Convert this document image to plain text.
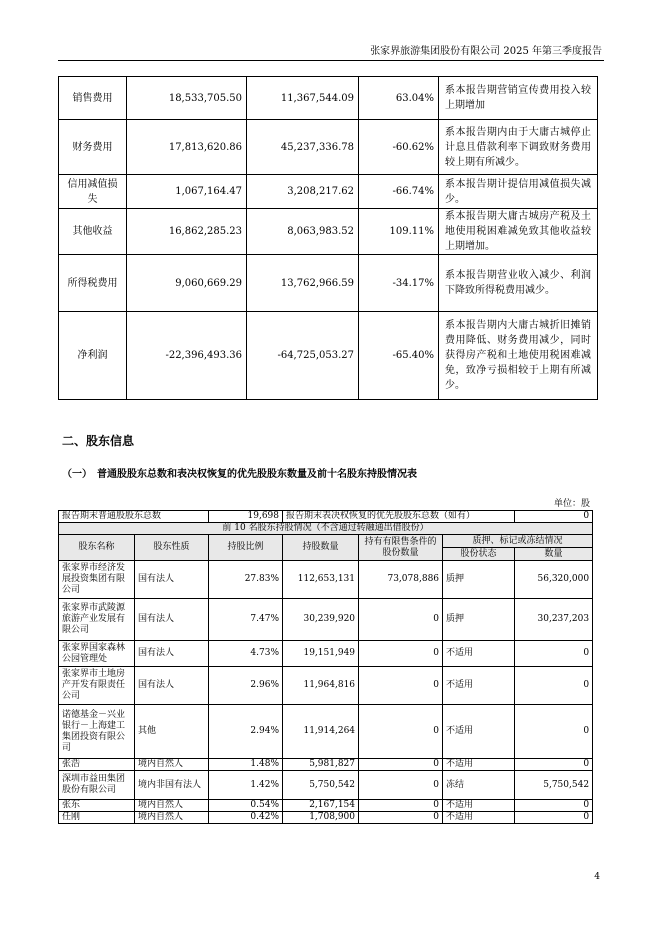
张家界旅游集团股份有限公司 2025 年第三季度报告
销售费用	18,533,705.50	11,367,544.09	63.04%	系本报告期营销宣传费用投入较上期增加
财务费用	17,813,620.86	45,237,336.78	-60.62%	系本报告期内由于大庸古城停止计息且借款利率下调致财务费用较上期有所减少。
信用减值损失	1,067,164.47	3,208,217.62	-66.74%	系本报告期计提信用减值损失减少。
其他收益	16,862,285.23	8,063,983.52	109.11%	系本报告期大庸古城房产税及土地使用税困难减免致其他收益较上期增加。
所得税费用	9,060,669.29	13,762,966.59	-34.17%	系本报告期营业收入减少、利润下降致所得税费用减少。
净利润	-22,396,493.36	-64,725,053.27	-65.40%	系本报告期内大庸古城折旧摊销费用降低、财务费用减少，同时获得房产税和土地使用税困难减免，致净亏损相较于上期有所减少。
二、股东信息
（一）　普通股股东总数和表决权恢复的优先股股东数量及前十名股东持股情况表
单位：股
报告期末普通股股东总数		19,698	报告期末表决权恢复的优先股股东总数（如有）			0
前 10 名股东持股情况（不含通过转融通出借股份）						
股东名称	股东性质	持股比例	持股数量	持有有限售条件的股份数量	质押、标记或冻结情况	
					股份状态	数量
张家界市经济发展投资集团有限公司	国有法人	27.83%	112,653,131	73,078,886	质押	56,320,000
张家界市武陵源旅游产业发展有限公司	国有法人	7.47%	30,239,920	0	质押	30,237,203
张家界国家森林公园管理处	国有法人	4.73%	19,151,949	0	不适用	0
张家界市土地房产开发有限责任公司	国有法人	2.96%	11,964,816	0	不适用	0
诺德基金－兴业银行－上海建工集团投资有限公司	其他	2.94%	11,914,264	0	不适用	0
张浩	境内自然人	1.48%	5,981,827	0	不适用	0
深圳市益田集团股份有限公司	境内非国有法人	1.42%	5,750,542	0	冻结	5,750,542
张东	境内自然人	0.54%	2,167,154	0	不适用	0
任刚	境内自然人	0.42%	1,708,900	0	不适用	0
4
